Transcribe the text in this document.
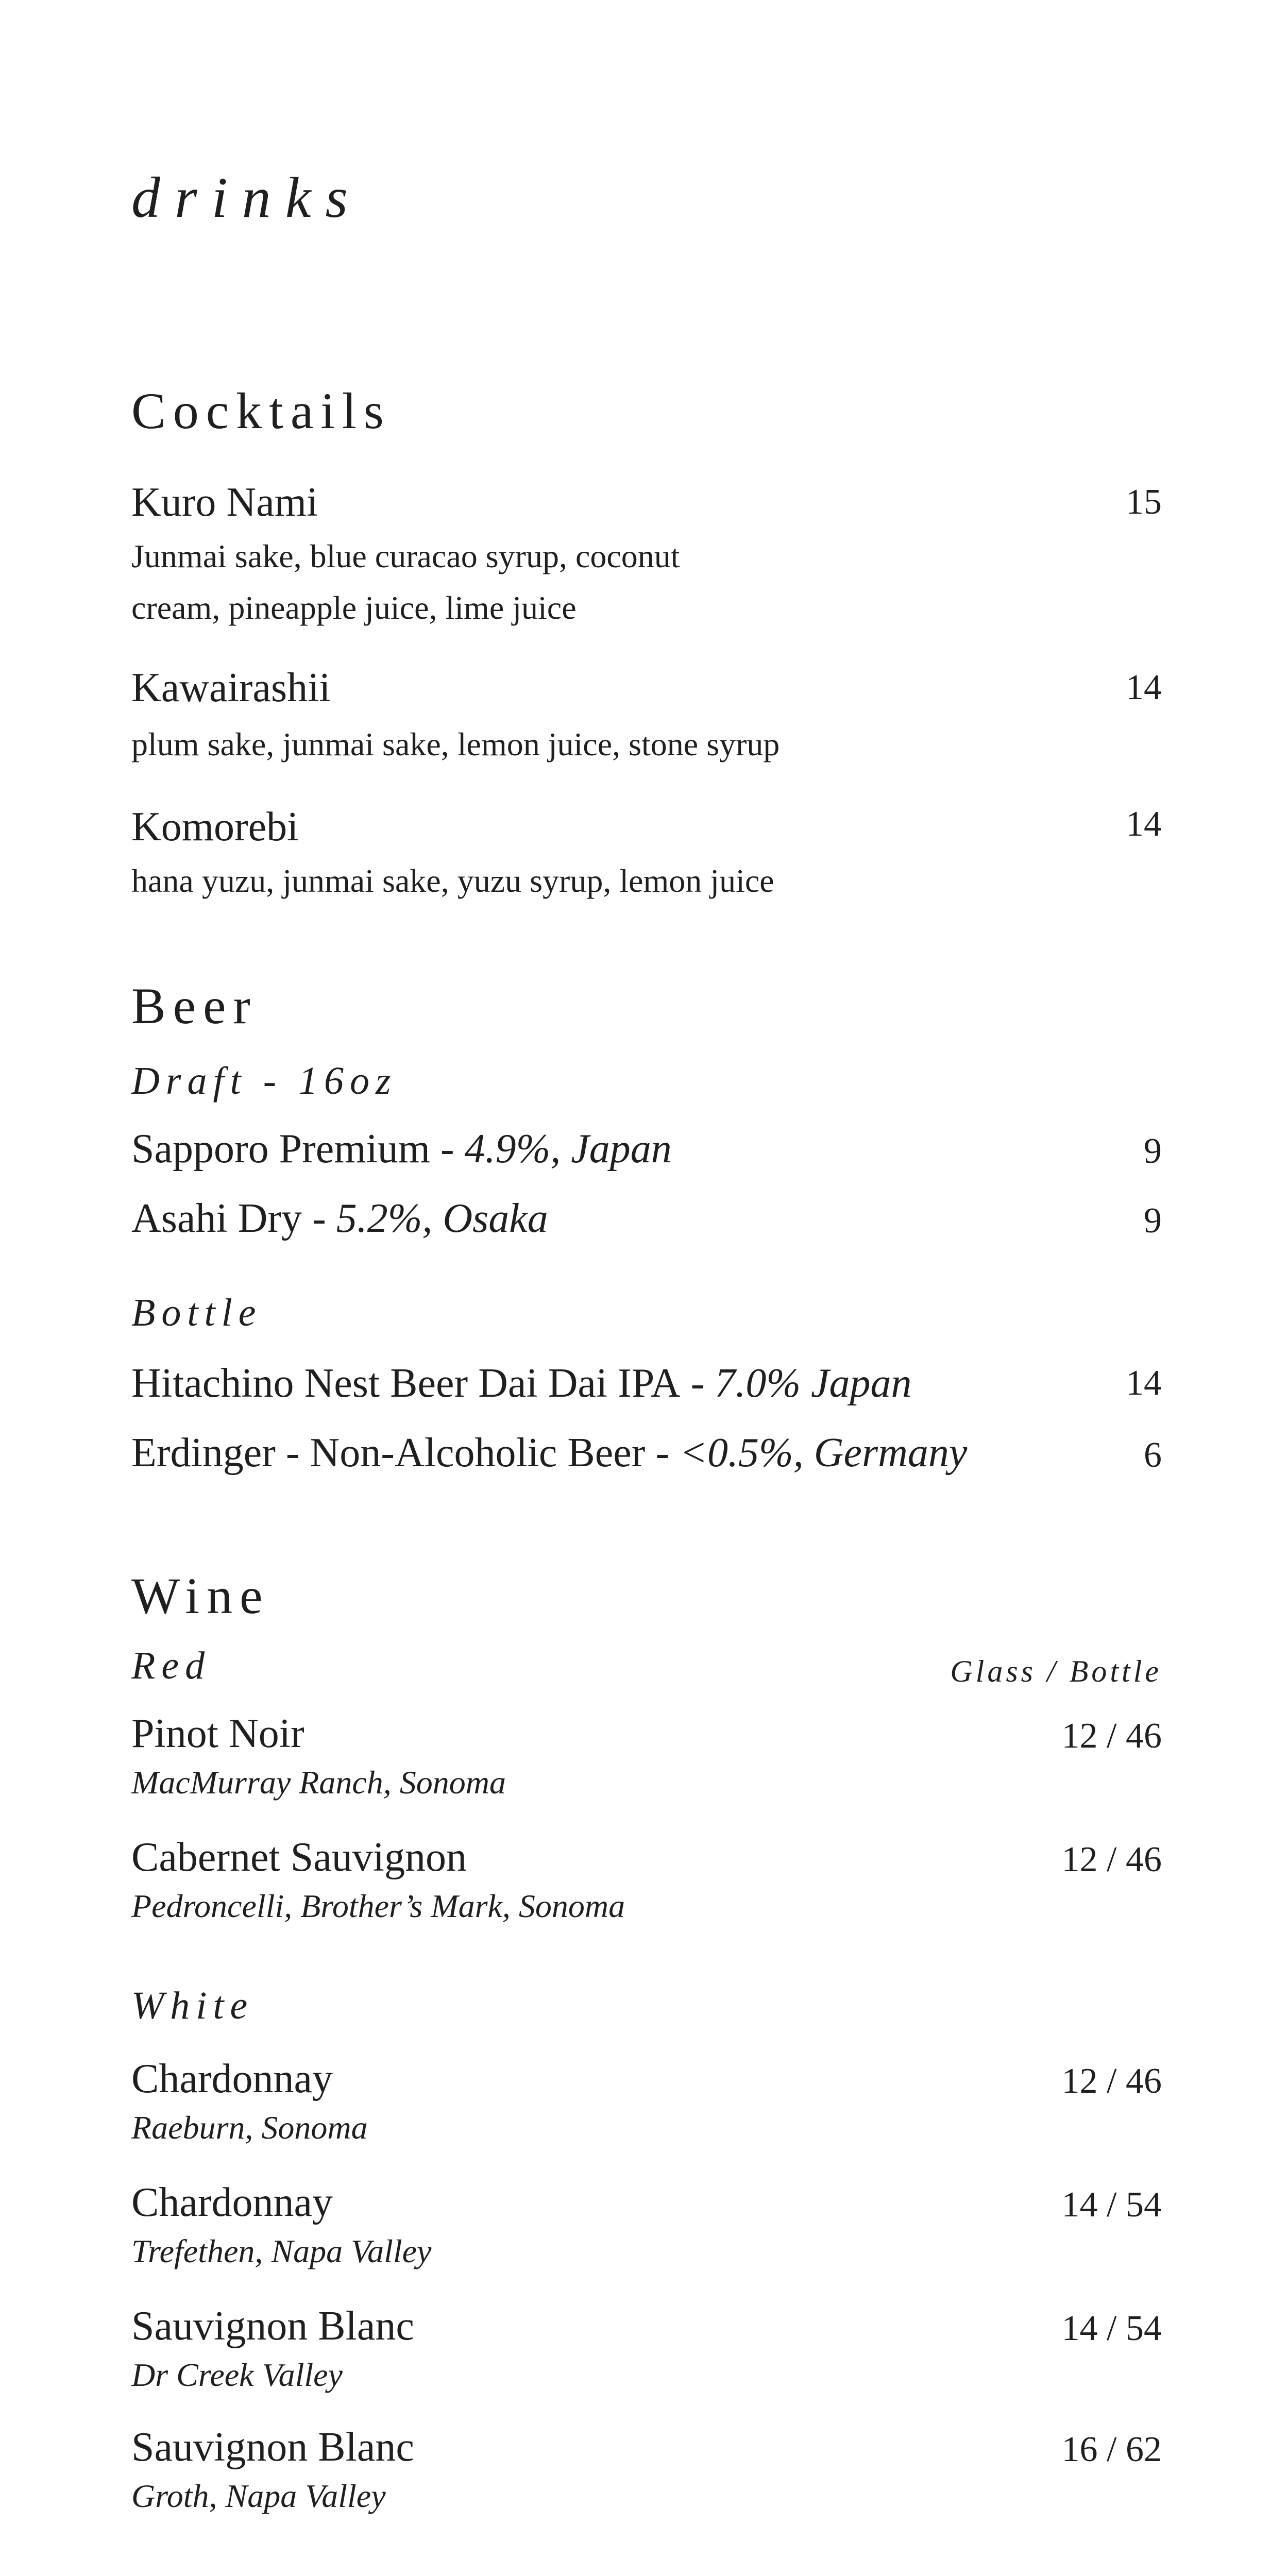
drinks
Cocktails
Kuro Nami	15
Junmai sake, blue curacao syrup, coconut
cream, pineapple juice, lime juice
Kawairashii	14
plum sake, junmai sake, lemon juice, stone syrup
Komorebi	14
hana yuzu, junmai sake, yuzu syrup, lemon juice
Beer
Draft - 16oz
Sapporo Premium - 4.9%, Japan	9
Asahi Dry - 5.2%, Osaka	9
Bottle
Hitachino Nest Beer Dai Dai IPA - 7.0% Japan	14
Erdinger - Non-Alcoholic Beer - <0.5%, Germany	6
Wine
Red	Glass / Bottle
Pinot Noir	12 / 46
MacMurray Ranch, Sonoma
Cabernet Sauvignon	12 / 46
Pedroncelli, Brother’s Mark, Sonoma
White
Chardonnay	12 / 46
Raeburn, Sonoma
Chardonnay	14 / 54
Trefethen, Napa Valley
Sauvignon Blanc	14 / 54
Dr Creek Valley
Sauvignon Blanc	16 / 62
Groth, Napa Valley
